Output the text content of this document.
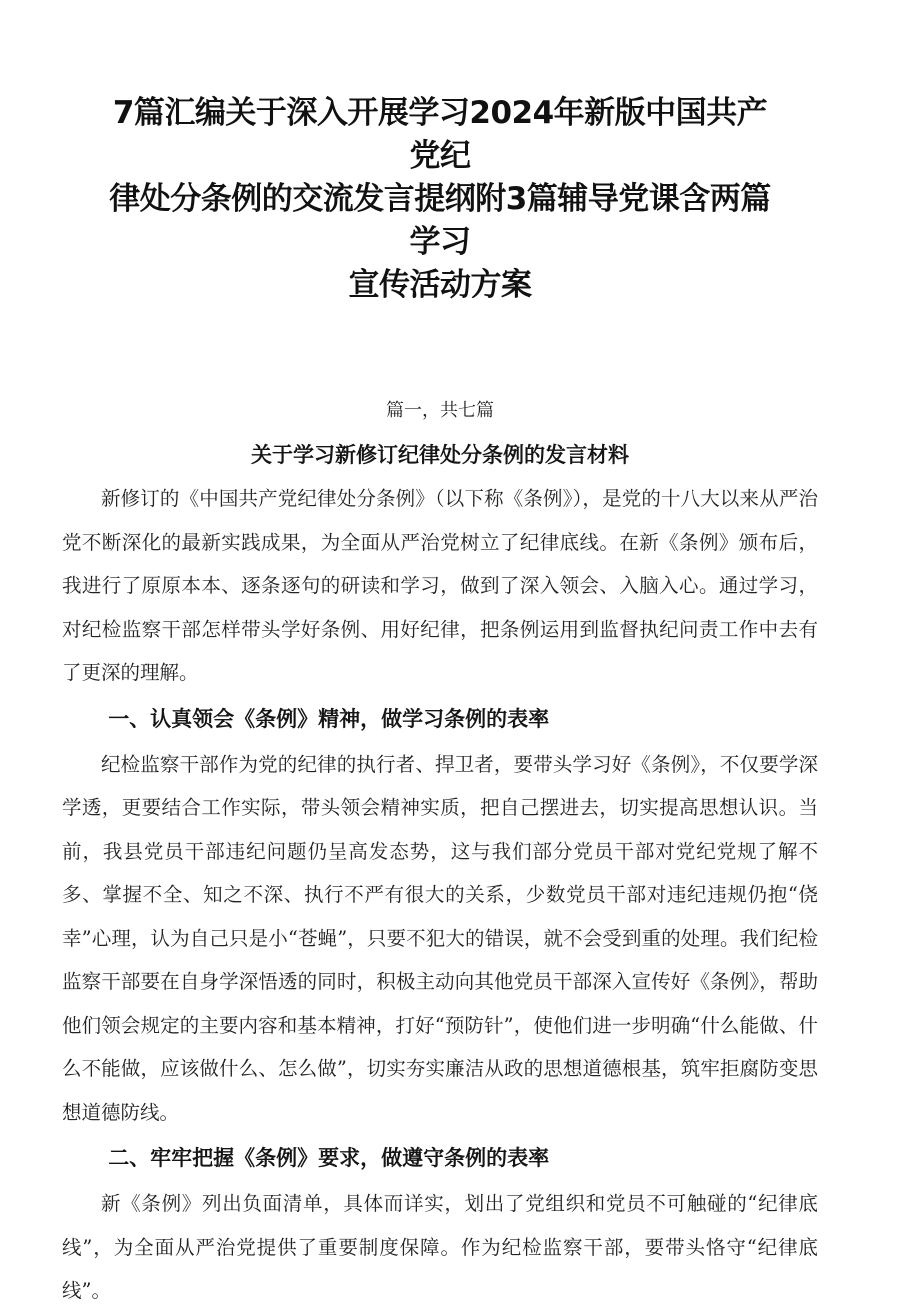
7篇汇编关于深入开展学习2024年新版中国共产党纪
律处分条例的交流发言提纲附3篇辅导党课含两篇学习
宣传活动方案
篇一，共七篇
关于学习新修订纪律处分条例的发言材料

新修订的《中国共产党纪律处分条例》（以下称《条例》），是党的十八大以来从严治党不断深化的最新实践成果，为全面从严治党树立了纪律底线。在新《条例》颁布后，我进行了原原本本、逐条逐句的研读和学习，做到了深入领会、入脑入心。通过学习，对纪检监察干部怎样带头学好条例、用好纪律，把条例运用到监督执纪问责工作中去有了更深的理解。

一、认真领会《条例》精神，做学习条例的表率

纪检监察干部作为党的纪律的执行者、捍卫者，要带头学习好《条例》，不仅要学深学透，更要结合工作实际，带头领会精神实质，把自己摆进去，切实提高思想认识。当前，我县党员干部违纪问题仍呈高发态势，这与我们部分党员干部对党纪党规了解不多、掌握不全、知之不深、执行不严有很大的关系，少数党员干部对违纪违规仍抱“侥幸”心理，认为自己只是小“苍蝇”，只要不犯大的错误，就不会受到重的处理。我们纪检监察干部要在自身学深悟透的同时，积极主动向其他党员干部深入宣传好《条例》，帮助他们领会规定的主要内容和基本精神，打好“预防针”，使他们进一步明确“什么能做、什么不能做，应该做什么、怎么做”，切实夯实廉洁从政的思想道德根基，筑牢拒腐防变思想道德防线。

二、牢牢把握《条例》要求，做遵守条例的表率

新《条例》列出负面清单，具体而详实，划出了党组织和党员不可触碰的“纪律底线”，为全面从严治党提供了重要制度保障。作为纪检监察干部，要带头恪守“纪律底线”。
